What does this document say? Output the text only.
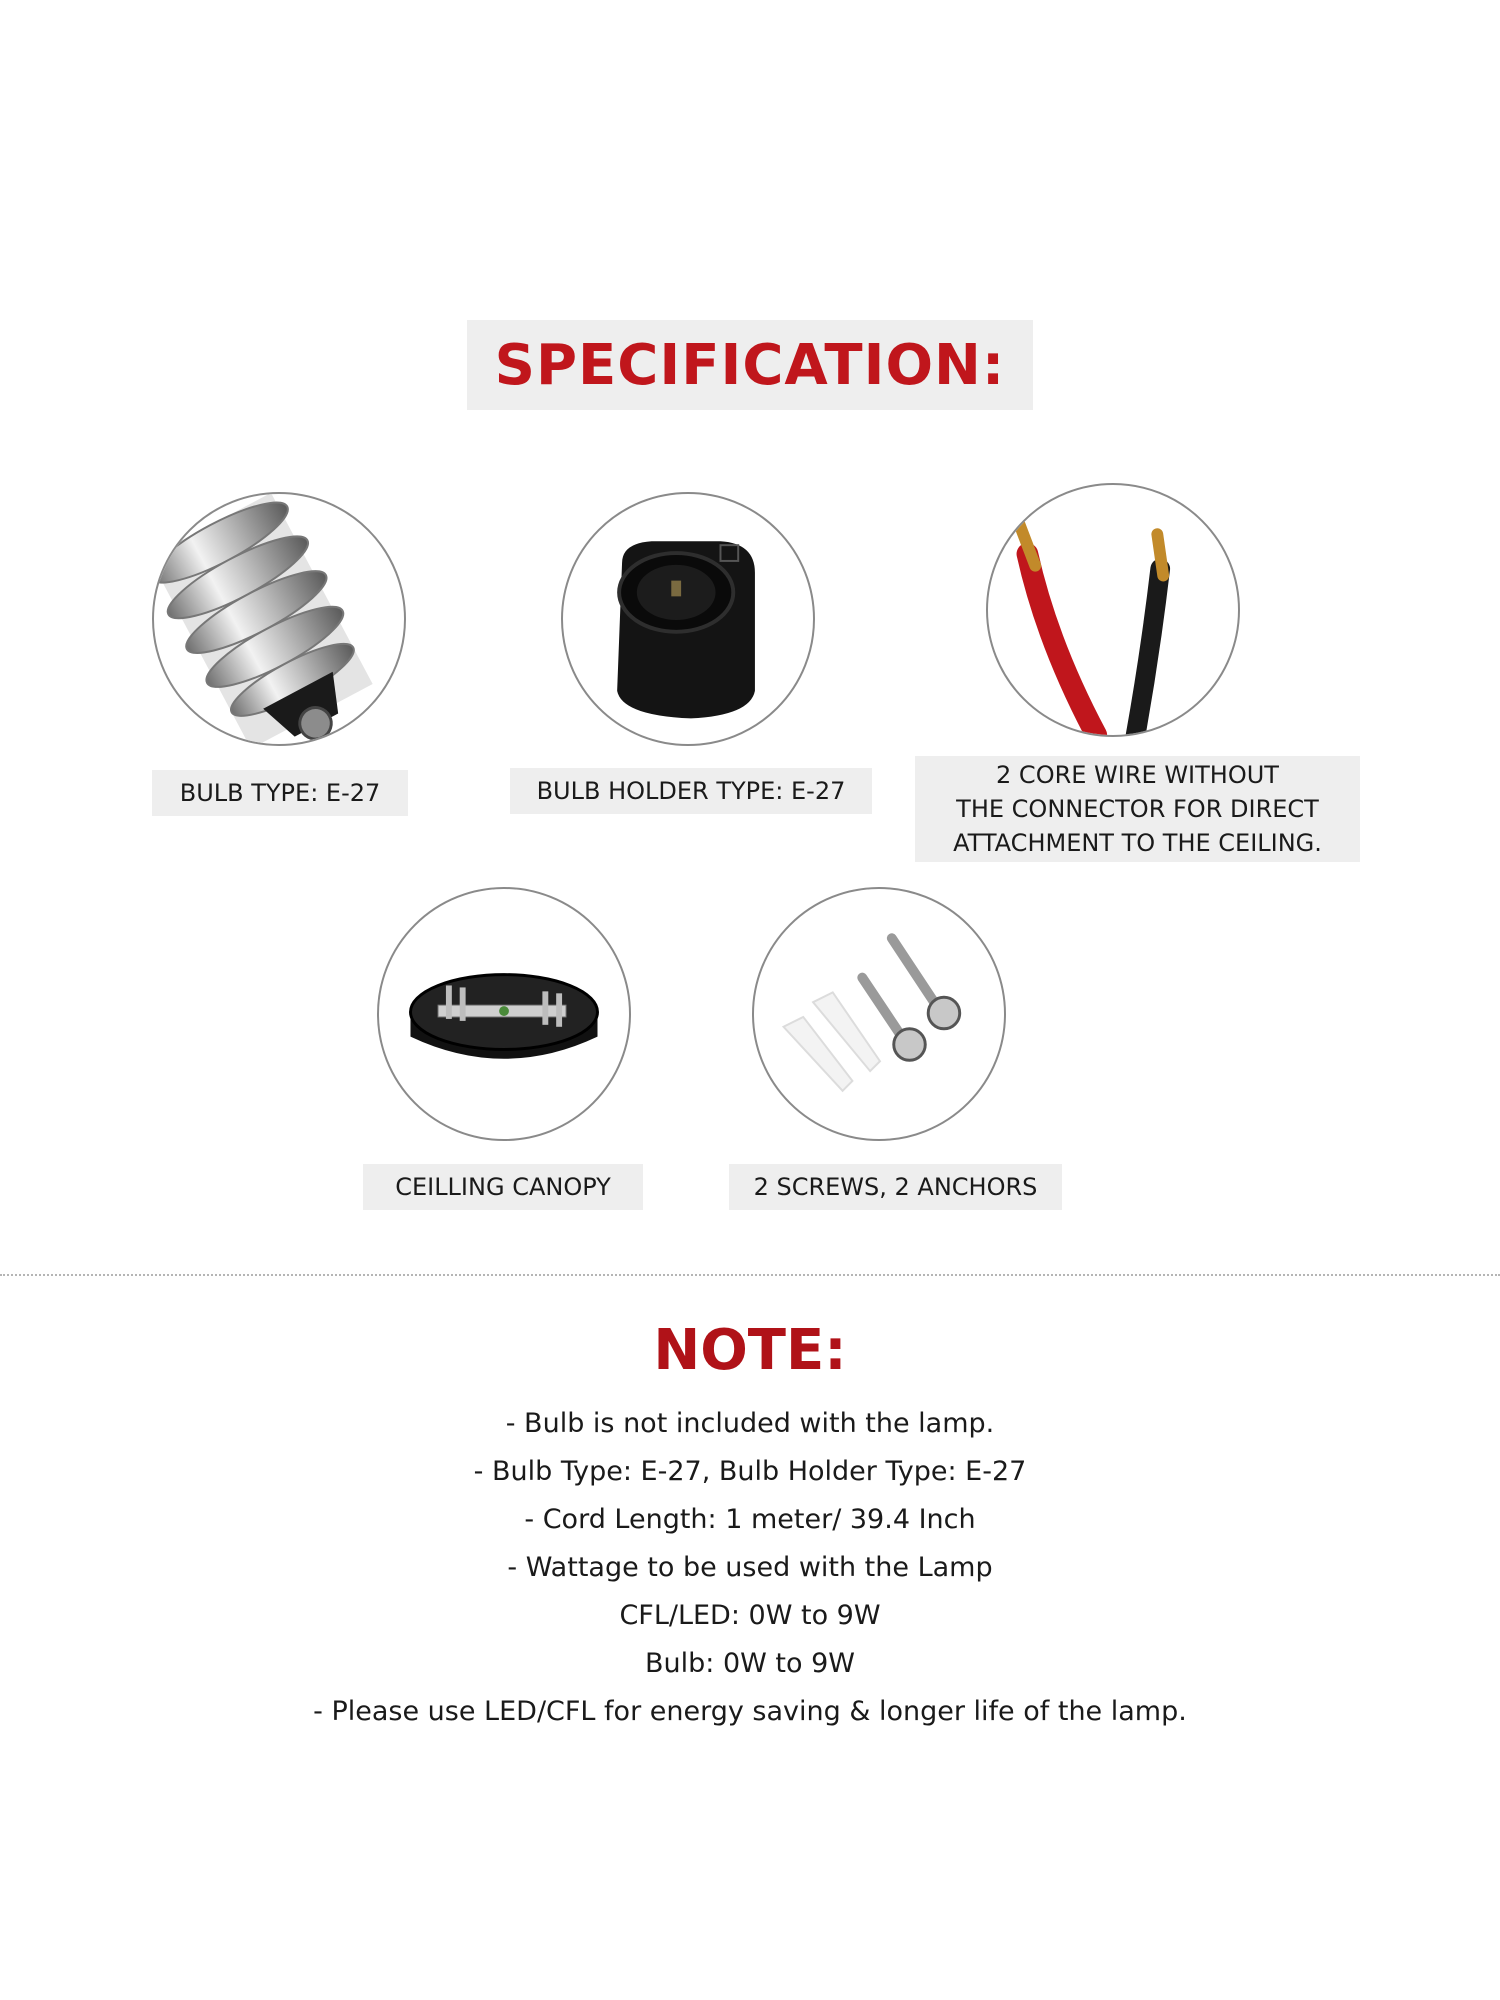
SPECIFICATION:
BULB TYPE: E-27	BULB HOLDER TYPE: E-27
2 CORE WIRE WITHOUT
THE CONNECTOR FOR DIRECT
ATTACHMENT TO THE CEILING.
CEILLING CANOPY	2 SCREWS, 2 ANCHORS
NOTE:
- Bulb is not included with the lamp.
- Bulb Type: E-27, Bulb Holder Type: E-27
- Cord Length: 1 meter/ 39.4 Inch
- Wattage to be used with the Lamp
CFL/LED: 0W to 9W
Bulb: 0W to 9W
- Please use LED/CFL for energy saving & longer life of the lamp.
